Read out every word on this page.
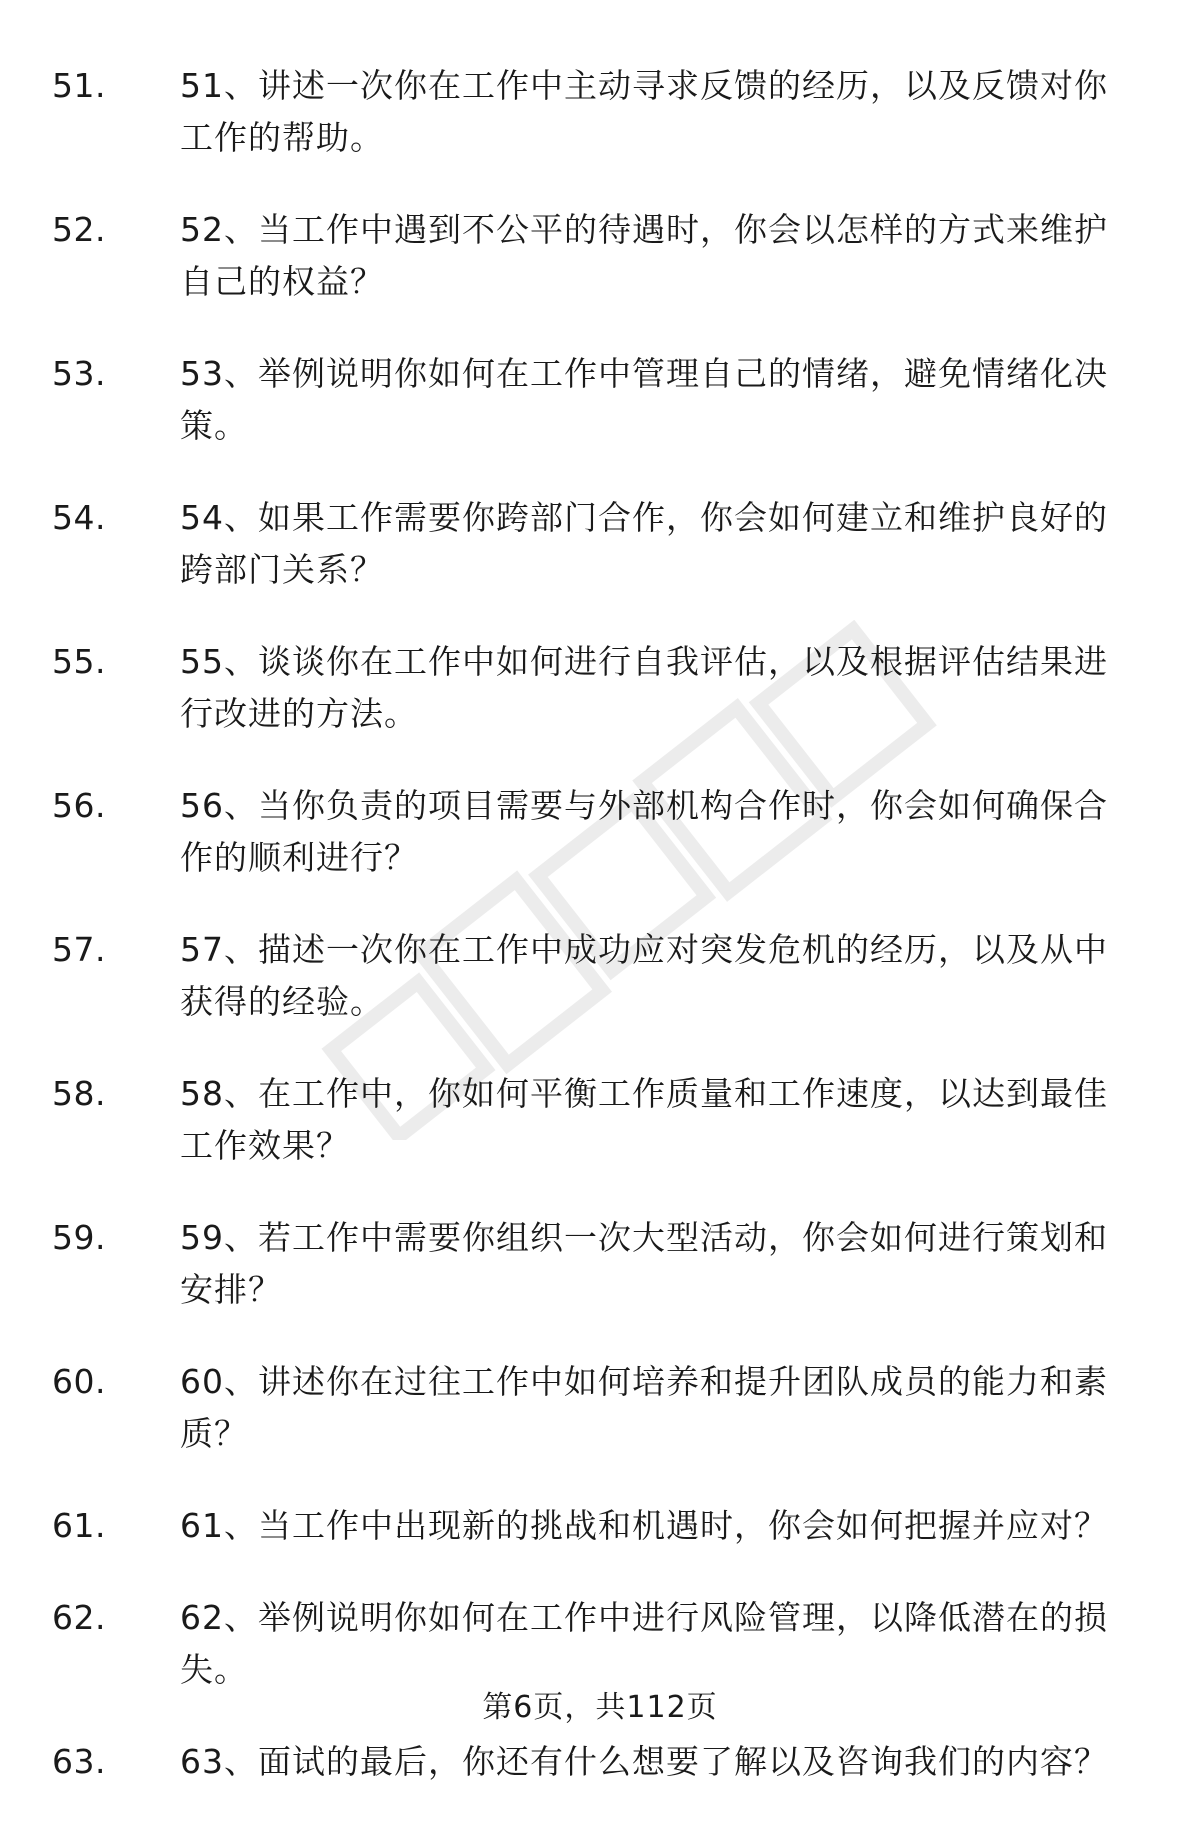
51.	51、讲述一次你在工作中主动寻求反馈的经历，以及反馈对你工作的帮助。
52.	52、当工作中遇到不公平的待遇时，你会以怎样的方式来维护自己的权益？
53.	53、举例说明你如何在工作中管理自己的情绪，避免情绪化决策。
54.	54、如果工作需要你跨部门合作，你会如何建立和维护良好的跨部门关系？
55.	55、谈谈你在工作中如何进行自我评估，以及根据评估结果进行改进的方法。
56.	56、当你负责的项目需要与外部机构合作时，你会如何确保合作的顺利进行？
57.	57、描述一次你在工作中成功应对突发危机的经历，以及从中获得的经验。
58.	58、在工作中，你如何平衡工作质量和工作速度，以达到最佳工作效果？
59.	59、若工作中需要你组织一次大型活动，你会如何进行策划和安排？
60.	60、讲述你在过往工作中如何培养和提升团队成员的能力和素质？
61.	61、当工作中出现新的挑战和机遇时，你会如何把握并应对？
62.	62、举例说明你如何在工作中进行风险管理，以降低潜在的损失。
63.	63、面试的最后，你还有什么想要了解以及咨询我们的内容？
第6页，共112页
